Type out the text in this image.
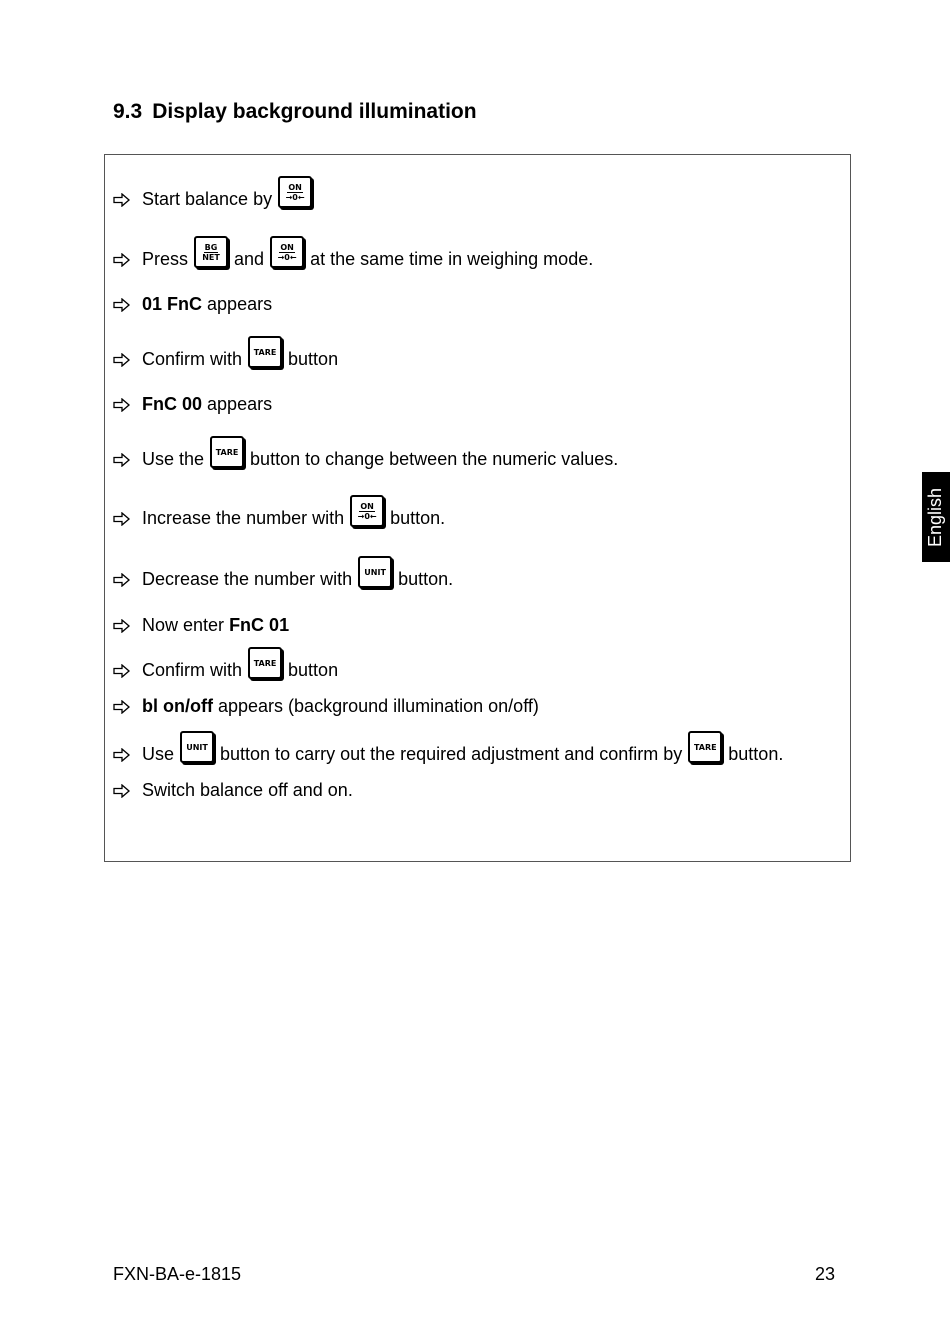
9.3 Display background illumination
Start balance by
ON
→0←
Press
BG
NET and
ON
→0← at the same time in weighing mode.
01 FnC
appears
Confirm with TARE button
FnC 00
appears
Use the TARE button to change between the numeric values.
Increase the number with
ON
→0← button.
Decrease the number with UNIT button.
Now enter
FnC 01
Confirm with TARE button
bl on/off
appears (background illumination on/off)
Use UNIT button to carry out the required adjustment and confirm by TARE button.
Switch balance off and on.
English
FXN-BA-e-1815	23
